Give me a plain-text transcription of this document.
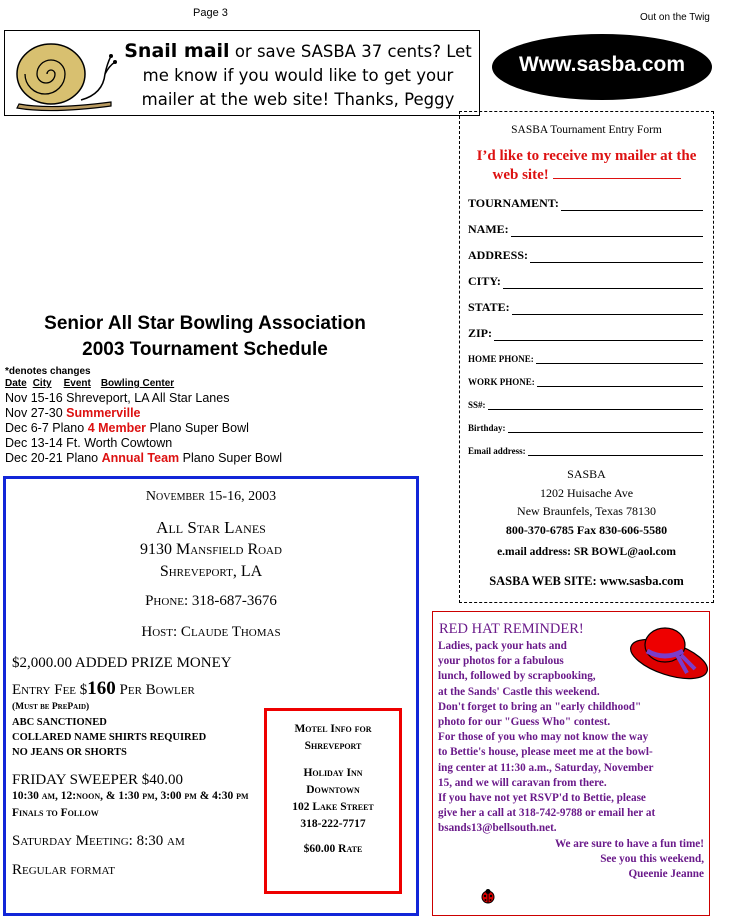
Page 3	Out on the Twig
Snail mail or save SASBA 37 cents? Let me know if you would like to get your mailer at the web site! Thanks, Peggy
Www.sasba.com
SASBA Tournament Entry Form
I’d like to receive my mailer at the web site!
TOURNAMENT:
NAME:
ADDRESS:
CITY:
STATE:
ZIP:
HOME PHONE:
WORK PHONE:
SS#:
Birthday:
Email address:
SASBA
1202 Huisache Ave
New Braunfels, Texas 78130
800-370-6785 Fax 830-606-5580
e.mail address: SR BOWL@aol.com
SASBA WEB SITE: www.sasba.com
Senior All Star Bowling Association
2003 Tournament Schedule
*denotes changes
Date City Event Bowling Center
Nov 15-16 Shreveport, LA All Star Lanes
Nov 27-30 Summerville
Dec 6-7 Plano 4 Member Plano Super Bowl
Dec 13-14 Ft. Worth Cowtown
Dec 20-21 Plano Annual Team Plano Super Bowl
November 15-16, 2003
All Star Lanes
9130 Mansfield Road
Shreveport, LA
Phone: 318-687-3676
Host: Claude Thomas
$2,000.00 ADDED PRIZE MONEY
Entry Fee $160 Per Bowler
(Must be PrePaid)
ABC SANCTIONED
COLLARED NAME SHIRTS REQUIRED
NO JEANS OR SHORTS
FRIDAY SWEEPER $40.00
10:30 am, 12:noon, & 1:30 pm, 3:00 pm & 4:30 pm
Finals to Follow
Saturday Meeting: 8:30 am
Regular format
Motel Info for
Shreveport
Holiday Inn
Downtown
102 Lake Street
318-222-7717
$60.00 Rate
RED HAT REMINDER!
Ladies, pack your hats and
your photos for a fabulous
lunch, followed by scrapbooking,
at the Sands' Castle this weekend.
Don't forget to bring an "early childhood"
photo for our "Guess Who" contest.
For those of you who may not know the way
to Bettie's house, please meet me at the bowl-
ing center at 11:30 a.m., Saturday, November
15, and we will caravan from there.
If you have not yet RSVP'd to Bettie, please
give her a call at 318-742-9788 or email her at
bsands13@bellsouth.net.
We are sure to have a fun time!
See you this weekend,
Queenie Jeanne
